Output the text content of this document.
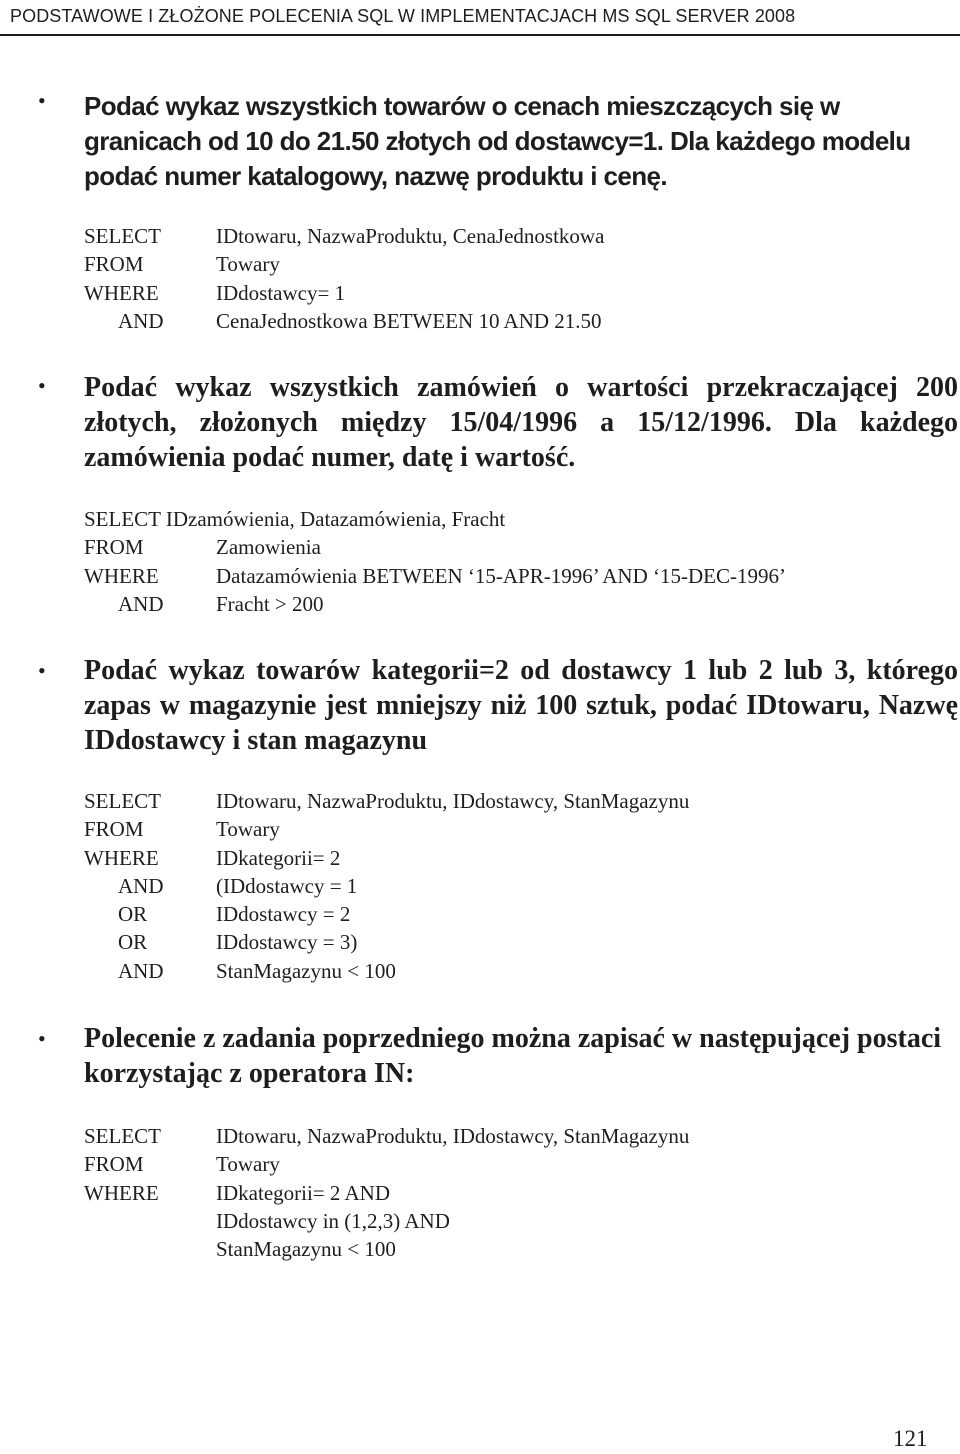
PODSTAWOWE I ZŁOŻONE POLECENIA SQL W IMPLEMENTACJACH MS SQL SERVER 2008
• Podać wykaz wszystkich towarów o cenach mieszczących się w granicach od 10 do 21.50 złotych od dostawcy=1. Dla każdego modelu podać numer katalogowy, nazwę produktu i cenę.
SELECT	IDtowaru, NazwaProduktu, CenaJednostkowa
FROM	Towary
WHERE	IDdostawcy= 1
AND	CenaJednostkowa BETWEEN 10 AND 21.50
• Podać wykaz wszystkich zamówień o wartości przekraczającej 200 złotych, złożonych między 15/04/1996 a 15/12/1996. Dla każdego zamówienia podać numer, datę i wartość.
SELECT IDzamówienia, Datazamówienia, Fracht
FROM	Zamowienia
WHERE	Datazamówienia BETWEEN ‘15-APR-1996’ AND ‘15-DEC-1996’
AND	Fracht > 200
• Podać wykaz towarów kategorii=2 od dostawcy 1 lub 2 lub 3, którego zapas w magazynie jest mniejszy niż 100 sztuk, podać IDtowaru, Nazwę IDdostawcy i stan magazynu
SELECT	IDtowaru, NazwaProduktu, IDdostawcy, StanMagazynu
FROM	Towary
WHERE	IDkategorii= 2
AND	(IDdostawcy = 1
OR	IDdostawcy = 2
OR	IDdostawcy = 3)
AND	StanMagazynu < 100
• Polecenie z zadania poprzedniego można zapisać w następującej postaci korzystając z operatora IN:
SELECT	IDtowaru, NazwaProduktu, IDdostawcy, StanMagazynu
FROM	Towary
WHERE	IDkategorii= 2 AND
IDdostawcy in (1,2,3) AND
StanMagazynu < 100
121
